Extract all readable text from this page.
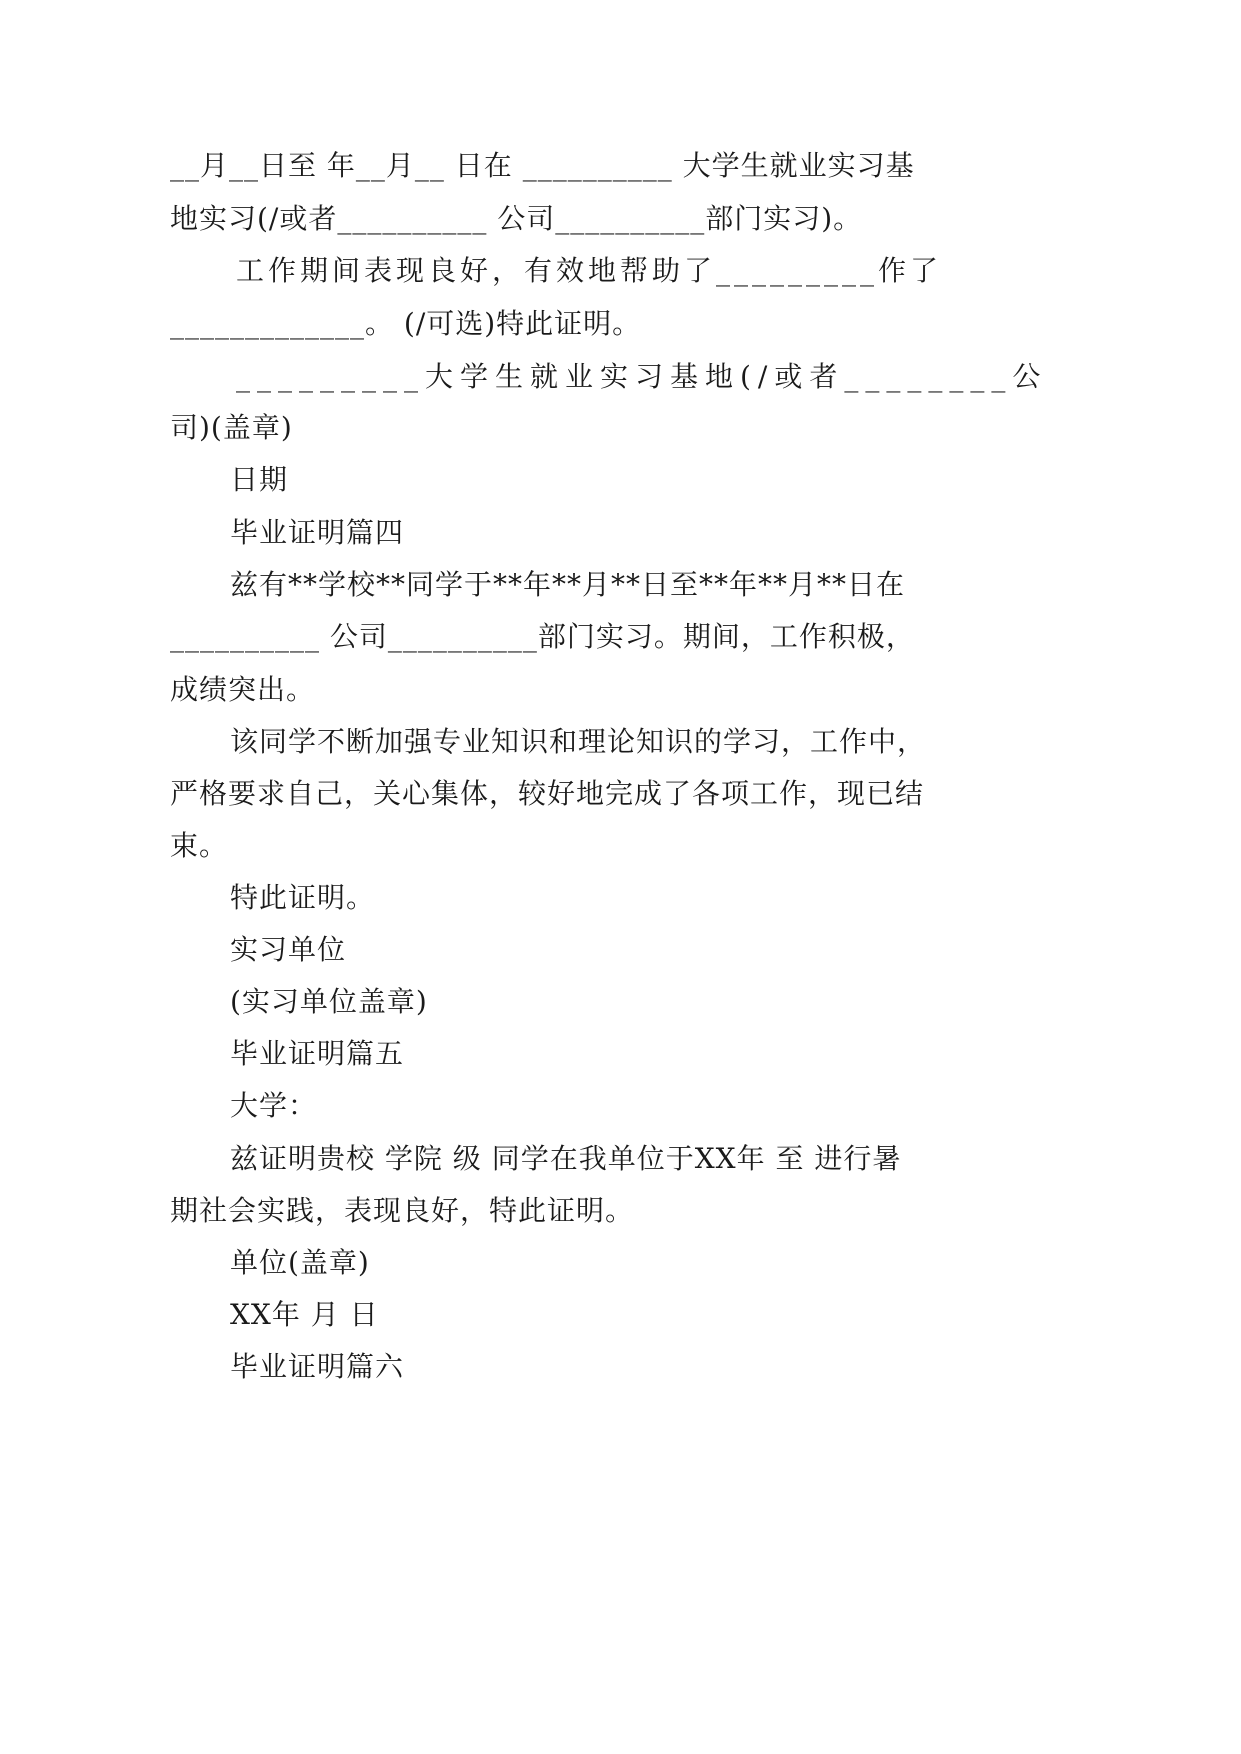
__月__日至 年__月__ 日在 __________ 大学生就业实习基
地实习(/或者__________ 公司__________部门实习)。
工作期间表现良好，有效地帮助了_________作了
_____________。 (/可选)特此证明。
_________大学生就业实习基地(/或者________公
司)(盖章)
日期
毕业证明篇四
兹有**学校**同学于**年**月**日至**年**月**日在
__________ 公司__________部门实习。期间，工作积极，
成绩突出。
该同学不断加强专业知识和理论知识的学习，工作中，
严格要求自己，关心集体，较好地完成了各项工作，现已结
束。
特此证明。
实习单位
(实习单位盖章)
毕业证明篇五
大学：
兹证明贵校 学院 级 同学在我单位于XX年 至 进行暑
期社会实践，表现良好，特此证明。
单位(盖章)
XX年 月 日
毕业证明篇六
